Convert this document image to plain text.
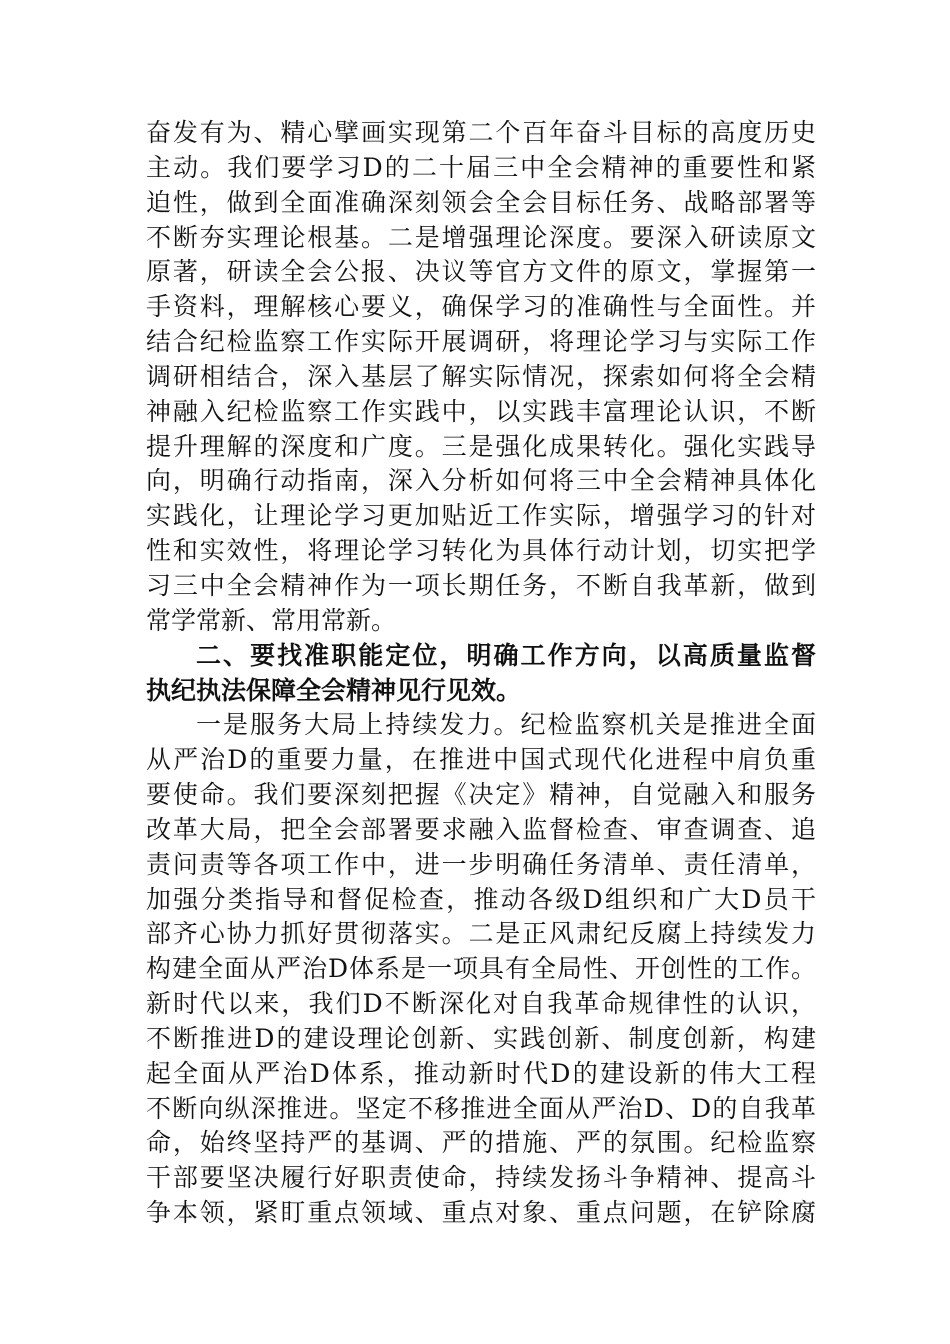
奋发有为、精心擘画实现第二个百年奋斗目标的高度历史
主动。我们要学习D的二十届三中全会精神的重要性和紧
迫性，做到全面准确深刻领会全会目标任务、战略部署等
不断夯实理论根基。二是增强理论深度。要深入研读原文
原著，研读全会公报、决议等官方文件的原文，掌握第一
手资料，理解核心要义，确保学习的准确性与全面性。并
结合纪检监察工作实际开展调研，将理论学习与实际工作
调研相结合，深入基层了解实际情况，探索如何将全会精
神融入纪检监察工作实践中，以实践丰富理论认识，不断
提升理解的深度和广度。三是强化成果转化。强化实践导
向，明确行动指南，深入分析如何将三中全会精神具体化
实践化，让理论学习更加贴近工作实际，增强学习的针对
性和实效性，将理论学习转化为具体行动计划，切实把学
习三中全会精神作为一项长期任务，不断自我革新，做到
常学常新、常用常新。
二、要找准职能定位，明确工作方向，以高质量监督
执纪执法保障全会精神见行见效。
一是服务大局上持续发力。纪检监察机关是推进全面
从严治D的重要力量，在推进中国式现代化进程中肩负重
要使命。我们要深刻把握《决定》精神，自觉融入和服务
改革大局，把全会部署要求融入监督检查、审查调查、追
责问责等各项工作中，进一步明确任务清单、责任清单，
加强分类指导和督促检查，推动各级D组织和广大D员干
部齐心协力抓好贯彻落实。二是正风肃纪反腐上持续发力
构建全面从严治D体系是一项具有全局性、开创性的工作。
新时代以来，我们D不断深化对自我革命规律性的认识，
不断推进D的建设理论创新、实践创新、制度创新，构建
起全面从严治D体系，推动新时代D的建设新的伟大工程
不断向纵深推进。坚定不移推进全面从严治D、D的自我革
命，始终坚持严的基调、严的措施、严的氛围。纪检监察
干部要坚决履行好职责使命，持续发扬斗争精神、提高斗
争本领，紧盯重点领域、重点对象、重点问题，在铲除腐
